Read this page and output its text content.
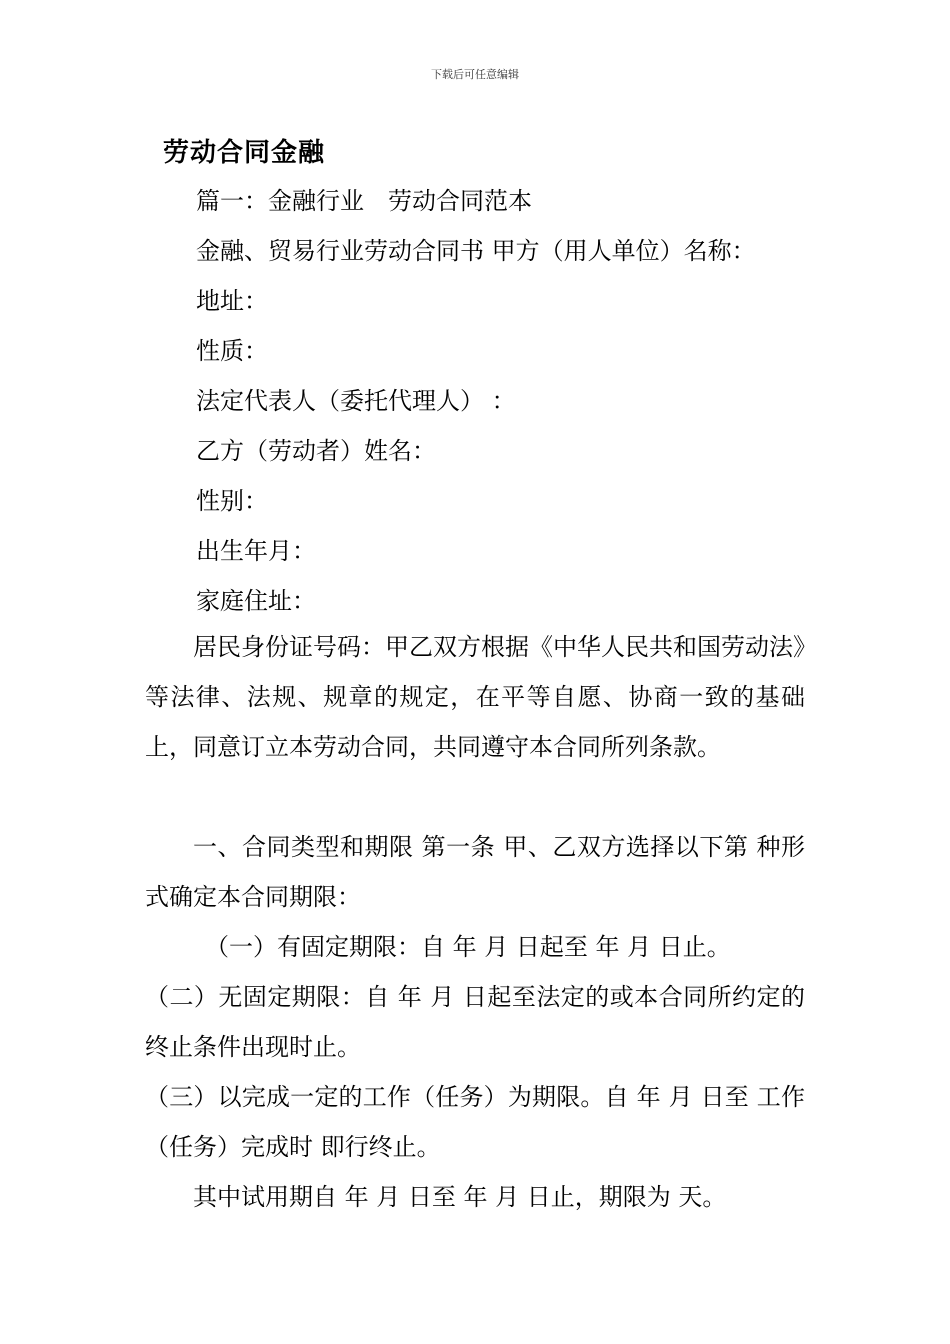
下载后可任意编辑
劳动合同金融
篇一：金融行业　劳动合同范本
金融、贸易行业劳动合同书 甲方（用人单位）名称：
地址：
性质：
法定代表人（委托代理人） ：
乙方（劳动者）姓名：
性别：
出生年月：
家庭住址：
居民身份证号码：甲乙双方根据《中华人民共和国劳动法》等法律、法规、规章的规定，在平等自愿、协商一致的基础上，同意订立本劳动合同，共同遵守本合同所列条款。
一、合同类型和期限 第一条 甲、乙双方选择以下第 种形式确定本合同期限：
（一）有固定期限：自 年 月 日起至 年 月 日止。
（二）无固定期限：自 年 月 日起至法定的或本合同所约定的终止条件出现时止。
（三）以完成一定的工作（任务）为期限。自 年 月 日至 工作（任务）完成时 即行终止。
其中试用期自 年 月 日至 年 月 日止，期限为 天。
